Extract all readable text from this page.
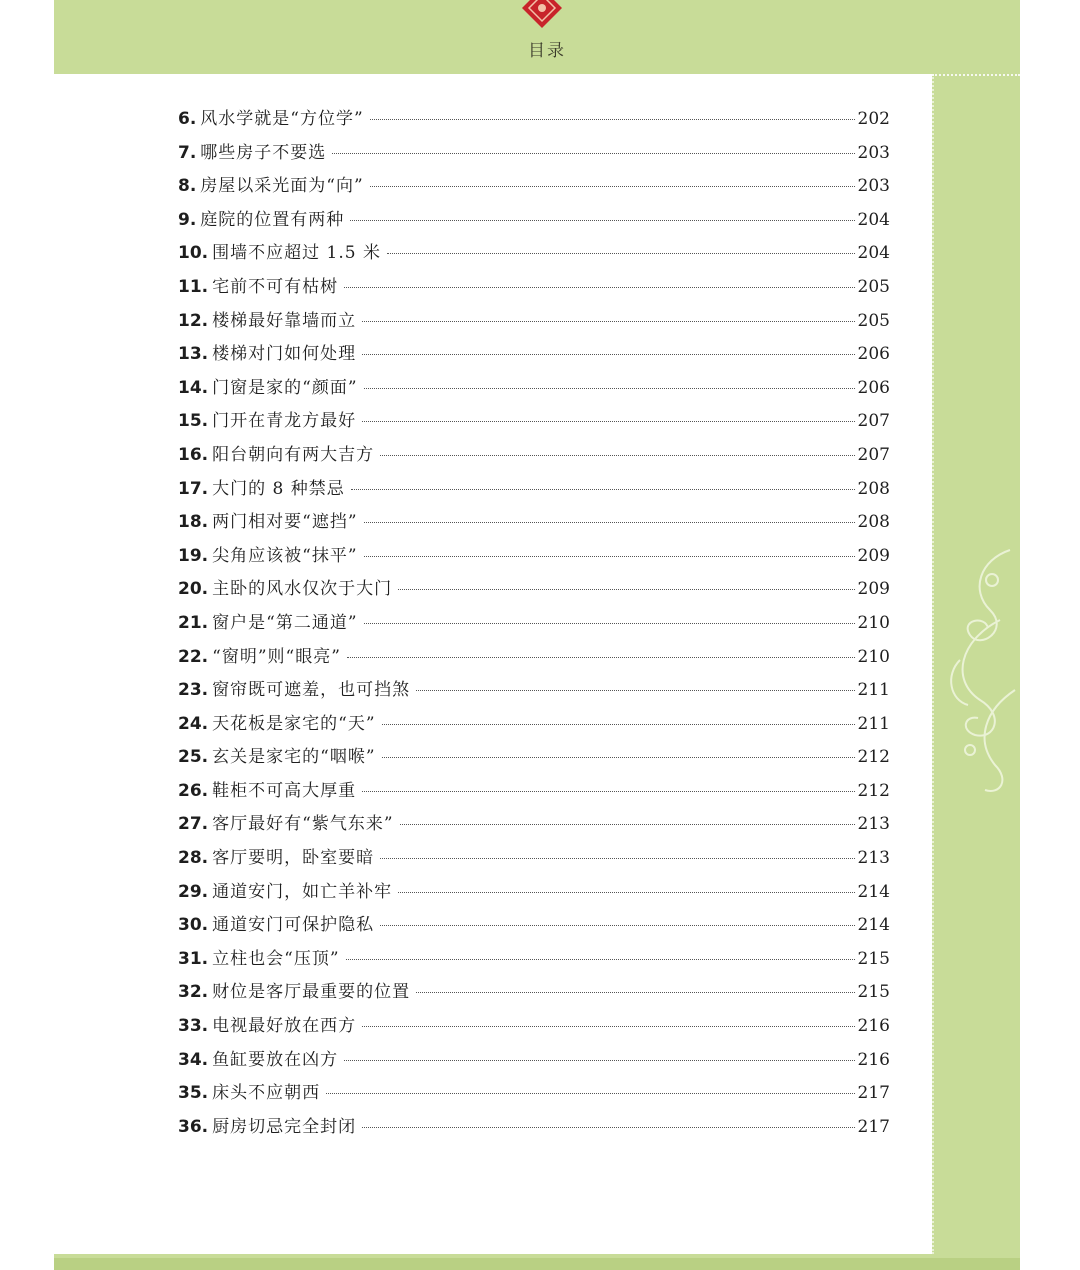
目录
6. 风水学就是“方位学”	202
7. 哪些房子不要选	203
8. 房屋以采光面为“向”	203
9. 庭院的位置有两种	204
10. 围墙不应超过 1.5 米	204
11. 宅前不可有枯树	205
12. 楼梯最好靠墙而立	205
13. 楼梯对门如何处理	206
14. 门窗是家的“颜面”	206
15. 门开在青龙方最好	207
16. 阳台朝向有两大吉方	207
17. 大门的 8 种禁忌	208
18. 两门相对要“遮挡”	208
19. 尖角应该被“抹平”	209
20. 主卧的风水仅次于大门	209
21. 窗户是“第二通道”	210
22. “窗明”则“眼亮”	210
23. 窗帘既可遮羞，也可挡煞	211
24. 天花板是家宅的“天”	211
25. 玄关是家宅的“咽喉”	212
26. 鞋柜不可高大厚重	212
27. 客厅最好有“紫气东来”	213
28. 客厅要明，卧室要暗	213
29. 通道安门，如亡羊补牢	214
30. 通道安门可保护隐私	214
31. 立柱也会“压顶”	215
32. 财位是客厅最重要的位置	215
33. 电视最好放在西方	216
34. 鱼缸要放在凶方	216
35. 床头不应朝西	217
36. 厨房切忌完全封闭	217
